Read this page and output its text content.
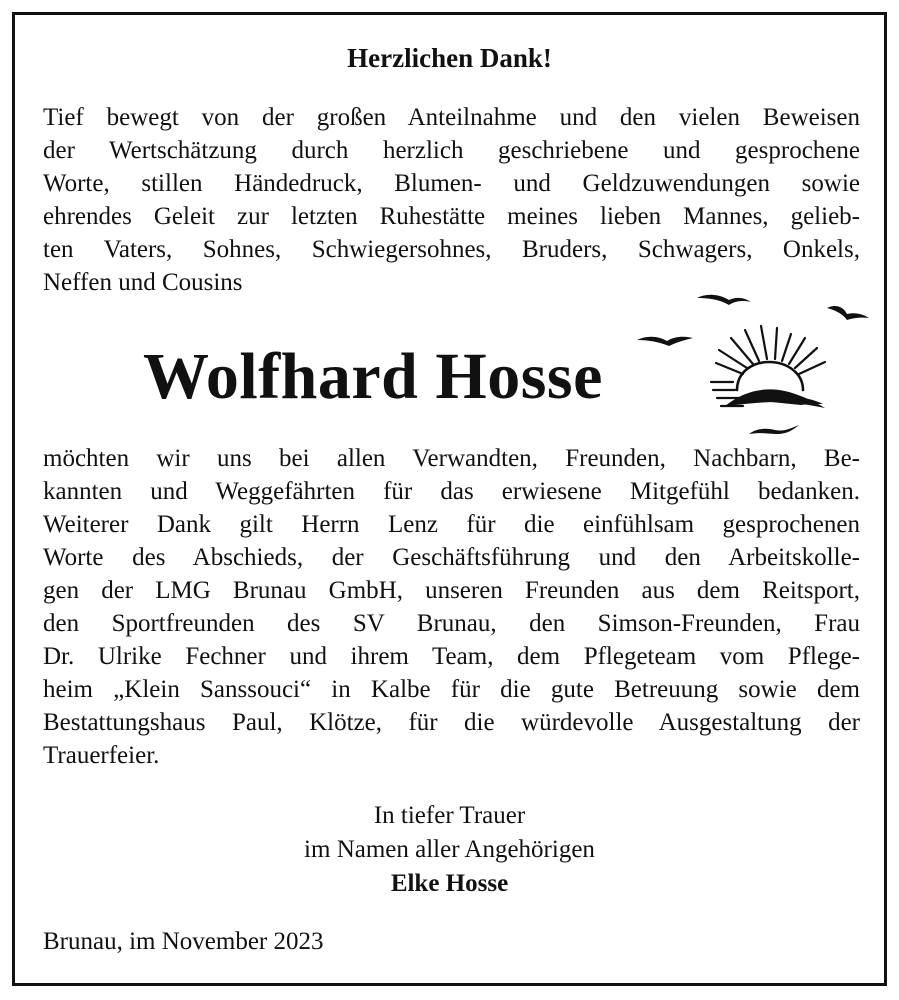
Herzlichen Dank!
Tief bewegt von der großen Anteilnahme und den vielen Beweisen
der Wertschätzung durch herzlich geschriebene und gesprochene
Worte, stillen Händedruck, Blumen- und Geldzuwendungen sowie
ehrendes Geleit zur letzten Ruhestätte meines lieben Mannes, gelieb-
ten Vaters, Sohnes, Schwiegersohnes, Bruders, Schwagers, Onkels,
Neffen und Cousins
Wolfhard Hosse
möchten wir uns bei allen Verwandten, Freunden, Nachbarn, Be-
kannten und Weggefährten für das erwiesene Mitgefühl bedanken.
Weiterer Dank gilt Herrn Lenz für die einfühlsam gesprochenen
Worte des Abschieds, der Geschäftsführung und den Arbeitskolle-
gen der LMG Brunau GmbH, unseren Freunden aus dem Reitsport,
den Sportfreunden des SV Brunau, den Simson-Freunden, Frau
Dr. Ulrike Fechner und ihrem Team, dem Pflegeteam vom Pflege-
heim „Klein Sanssouci“ in Kalbe für die gute Betreuung sowie dem
Bestattungshaus Paul, Klötze, für die würdevolle Ausgestaltung der
Trauerfeier.
In tiefer Trauer
im Namen aller Angehörigen
Elke Hosse
Brunau, im November 2023
